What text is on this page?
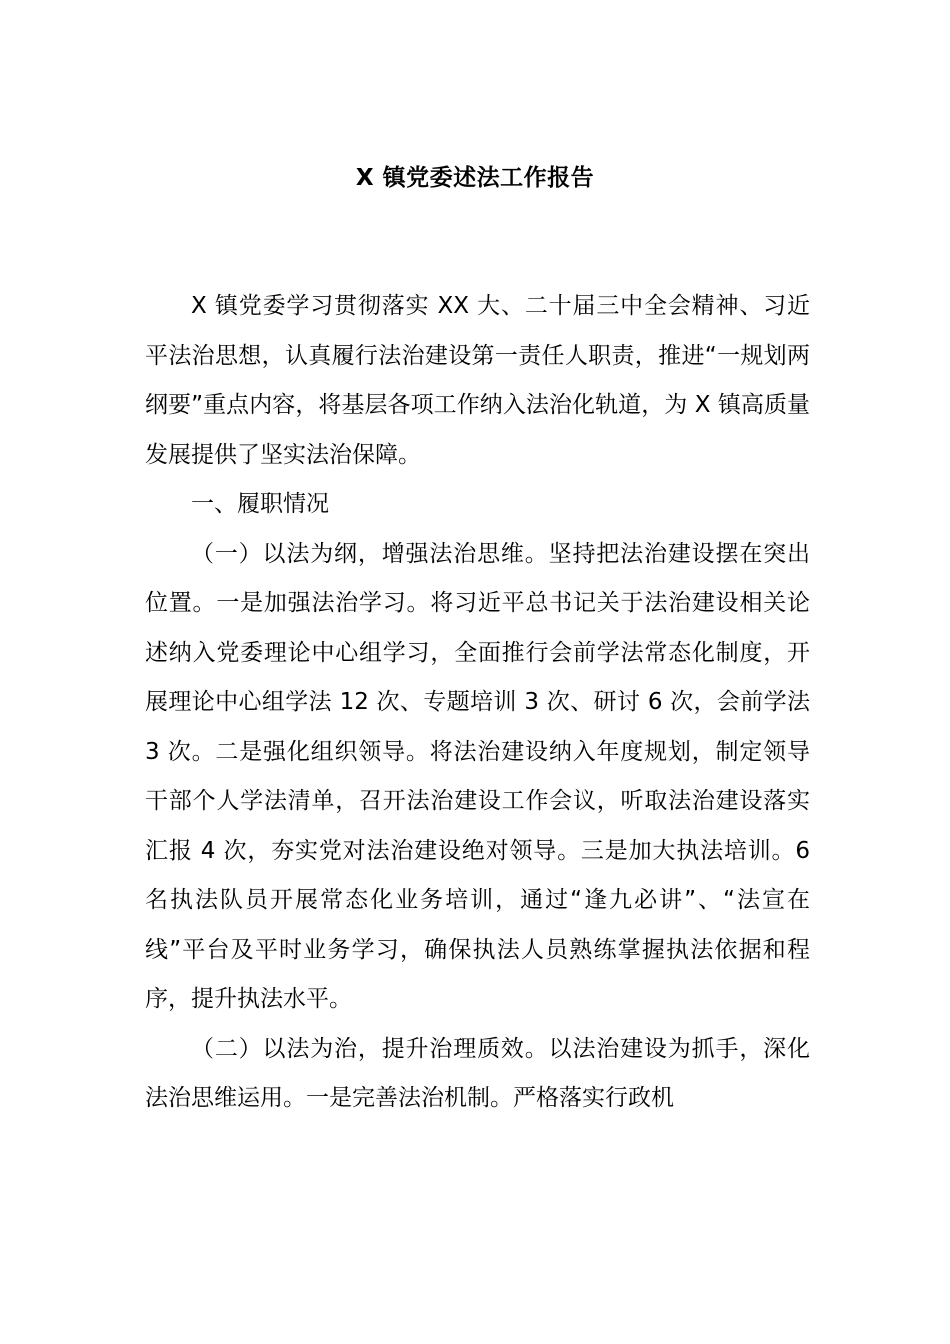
X 镇党委述法工作报告

X 镇党委学习贯彻落实 XX 大、二十届三中全会精神、习近平法治思想，认真履行法治建设第一责任人职责，推进“一规划两纲要”重点内容，将基层各项工作纳入法治化轨道，为 X 镇高质量发展提供了坚实法治保障。

一、履职情况

（一）以法为纲，增强法治思维。坚持把法治建设摆在突出位置。一是加强法治学习。将习近平总书记关于法治建设相关论述纳入党委理论中心组学习，全面推行会前学法常态化制度，开展理论中心组学法 12 次、专题培训 3 次、研讨 6 次，会前学法 3 次。二是强化组织领导。将法治建设纳入年度规划，制定领导干部个人学法清单，召开法治建设工作会议，听取法治建设落实汇报 4 次，夯实党对法治建设绝对领导。三是加大执法培训。6 名执法队员开展常态化业务培训，通过“逢九必讲”、“法宣在线”平台及平时业务学习，确保执法人员熟练掌握执法依据和程序，提升执法水平。

（二）以法为治，提升治理质效。以法治建设为抓手，深化法治思维运用。一是完善法治机制。严格落实行政机
